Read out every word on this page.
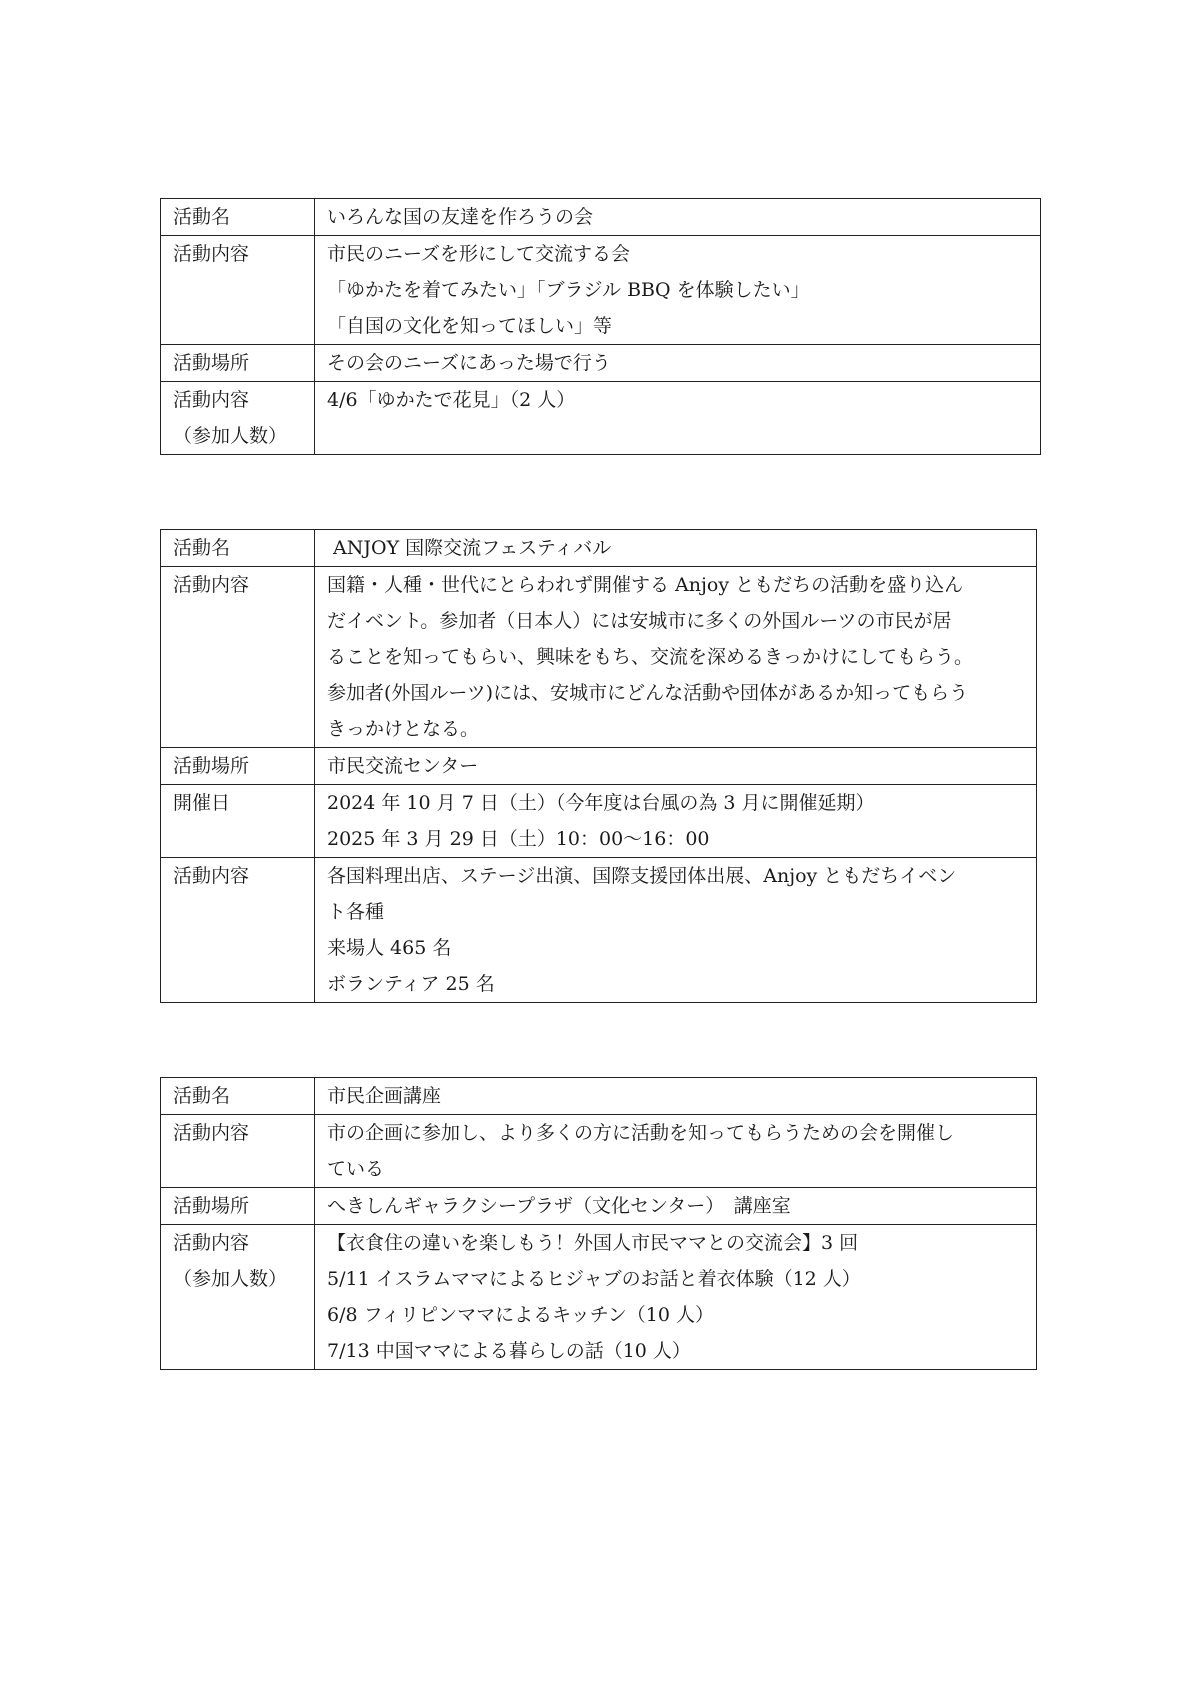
活動名	いろんな国の友達を作ろうの会

活動内容	市民のニーズを形にして交流する会
「ゆかたを着てみたい」「ブラジル BBQ を体験したい」
「自国の文化を知ってほしい」等

活動場所	その会のニーズにあった場で行う

活動内容
（参加人数）	4/6「ゆかたで花見」（2 人）
活動名	ANJOY 国際交流フェスティバル

活動内容	国籍・人種・世代にとらわれず開催する Anjoy ともだちの活動を盛り込ん
だイベント。参加者（日本人）には安城市に多くの外国ルーツの市民が居
ることを知ってもらい、興味をもち、交流を深めるきっかけにしてもらう。
参加者(外国ルーツ)には、安城市にどんな活動や団体があるか知ってもらう
きっかけとなる。

活動場所	市民交流センター

開催日	2024 年 10 月 7 日（土）（今年度は台風の為 3 月に開催延期）
2025 年 3 月 29 日（土）10：00～16：00

活動内容	各国料理出店、ステージ出演、国際支援団体出展、Anjoy ともだちイベン
ト各種
来場人 465 名
ボランティア 25 名
活動名	市民企画講座

活動内容	市の企画に参加し、より多くの方に活動を知ってもらうための会を開催し
ている

活動場所	へきしんギャラクシープラザ（文化センター）　講座室

活動内容
（参加人数）	【衣食住の違いを楽しもう！外国人市民ママとの交流会】3 回
5/11 イスラムママによるヒジャブのお話と着衣体験（12 人）
6/8 フィリピンママによるキッチン（10 人）
7/13 中国ママによる暮らしの話（10 人）
